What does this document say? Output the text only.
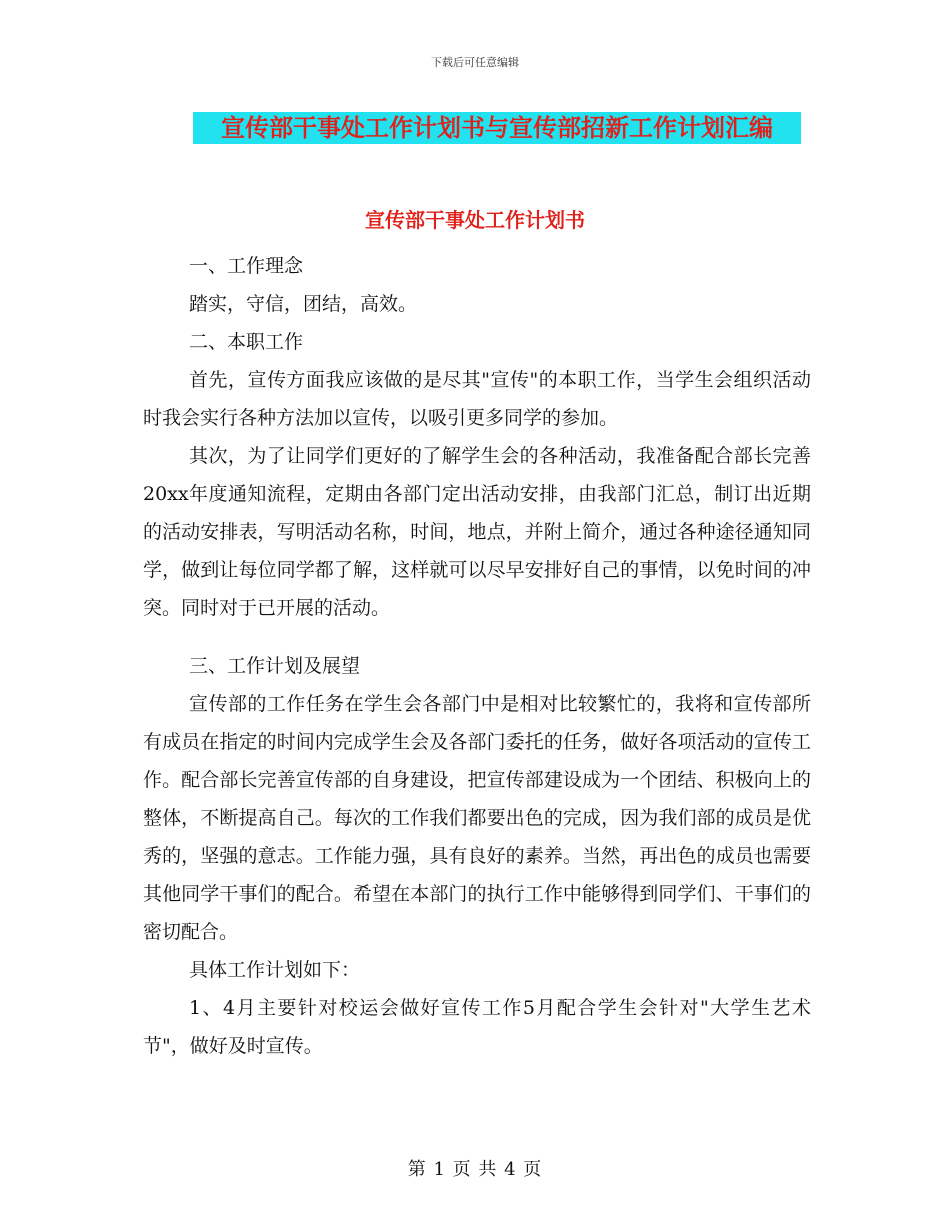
下载后可任意编辑
宣传部干事处工作计划书与宣传部招新工作计划汇编
宣传部干事处工作计划书

一、工作理念

踏实，守信，团结，高效。

二、本职工作

首先，宣传方面我应该做的是尽其"宣传"的本职工作，当学生会组织活动时我会实行各种方法加以宣传，以吸引更多同学的参加。

其次，为了让同学们更好的了解学生会的各种活动，我准备配合部长完善20xx年度通知流程，定期由各部门定出活动安排，由我部门汇总，制订出近期的活动安排表，写明活动名称，时间，地点，并附上简介，通过各种途径通知同学，做到让每位同学都了解，这样就可以尽早安排好自己的事情，以免时间的冲突。同时对于已开展的活动。

三、工作计划及展望

宣传部的工作任务在学生会各部门中是相对比较繁忙的，我将和宣传部所有成员在指定的时间内完成学生会及各部门委托的任务，做好各项活动的宣传工作。配合部长完善宣传部的自身建设，把宣传部建设成为一个团结、积极向上的整体，不断提高自己。每次的工作我们都要出色的完成，因为我们部的成员是优秀的，坚强的意志。工作能力强，具有良好的素养。当然，再出色的成员也需要其他同学干事们的配合。希望在本部门的执行工作中能够得到同学们、干事们的密切配合。

具体工作计划如下：

1、4月主要针对校运会做好宣传工作5月配合学生会针对"大学生艺术节"，做好及时宣传。

第 1 页 共 4 页
